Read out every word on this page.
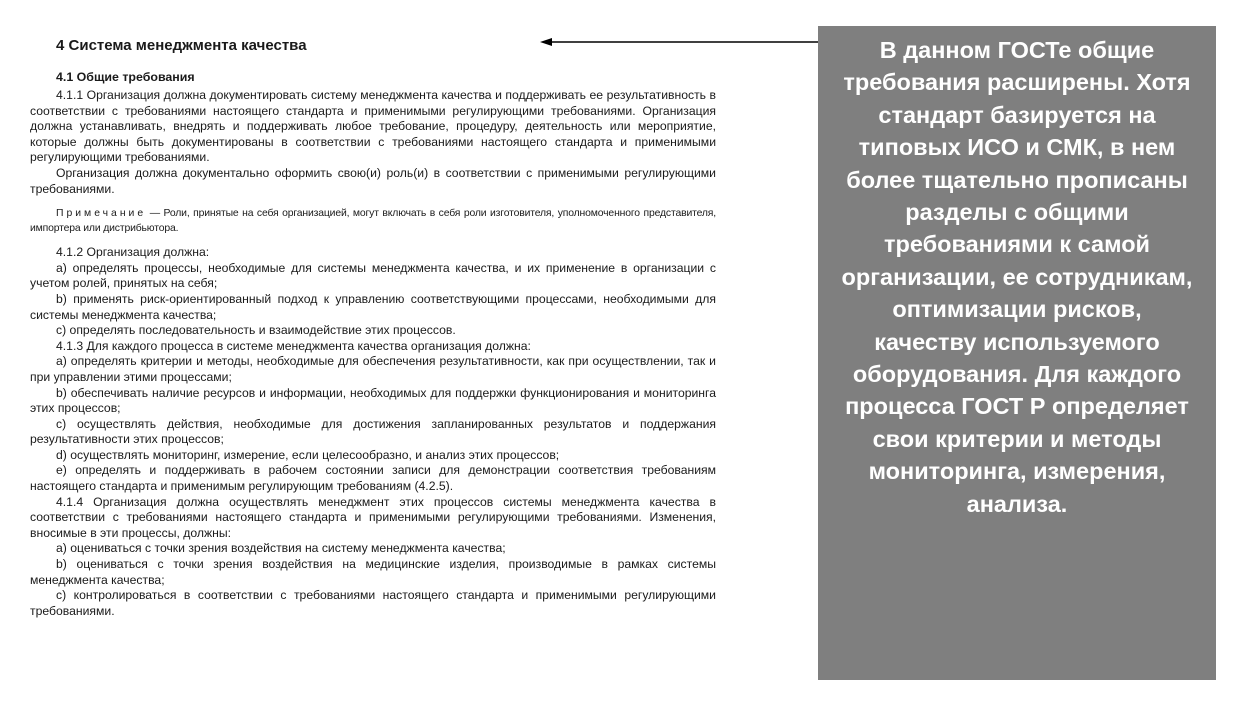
4 Система менеджмента качества
4.1 Общие требования

4.1.1 Организация должна документировать систему менеджмента качества и поддерживать ее результативность в соответствии с требованиями настоящего стандарта и применимыми регулирующими требованиями. Организация должна устанавливать, внедрять и поддерживать любое требование, процедуру, деятельность или мероприятие, которые должны быть документированы в соответствии с требованиями настоящего стандарта и применимыми регулирующими требованиями.

Организация должна документально оформить свою(и) роль(и) в соответствии с применимыми регулирующими требованиями.

Примечание — Роли, принятые на себя организацией, могут включать в себя роли изготовителя, уполномоченного представителя, импортера или дистрибьютора.

4.1.2 Организация должна:

a) определять процессы, необходимые для системы менеджмента качества, и их применение в организации с учетом ролей, принятых на себя;

b) применять риск-ориентированный подход к управлению соответствующими процессами, необходимыми для системы менеджмента качества;

c) определять последовательность и взаимодействие этих процессов.

4.1.3 Для каждого процесса в системе менеджмента качества организация должна:

a) определять критерии и методы, необходимые для обеспечения результативности, как при осуществлении, так и при управлении этими процессами;

b) обеспечивать наличие ресурсов и информации, необходимых для поддержки функционирования и мониторинга этих процессов;

c) осуществлять действия, необходимые для достижения запланированных результатов и поддержания результативности этих процессов;

d) осуществлять мониторинг, измерение, если целесообразно, и анализ этих процессов;

e) определять и поддерживать в рабочем состоянии записи для демонстрации соответствия требованиям настоящего стандарта и применимым регулирующим требованиям (4.2.5).

4.1.4 Организация должна осуществлять менеджмент этих процессов системы менеджмента качества в соответствии с требованиями настоящего стандарта и применимыми регулирующими требованиями. Изменения, вносимые в эти процессы, должны:

a) оцениваться с точки зрения воздействия на систему менеджмента качества;

b) оцениваться с точки зрения воздействия на медицинские изделия, производимые в рамках системы менеджмента качества;

c) контролироваться в соответствии с требованиями настоящего стандарта и применимыми регулирующими требованиями.

В данном ГОСТе общие требования расширены. Хотя стандарт базируется на типовых ИСО и СМК, в нем более тщательно прописаны разделы с общими требованиями к самой организации, ее сотрудникам, оптимизации рисков, качеству используемого оборудования. Для каждого процесса ГОСТ Р определяет свои критерии и методы мониторинга, измерения, анализа.
